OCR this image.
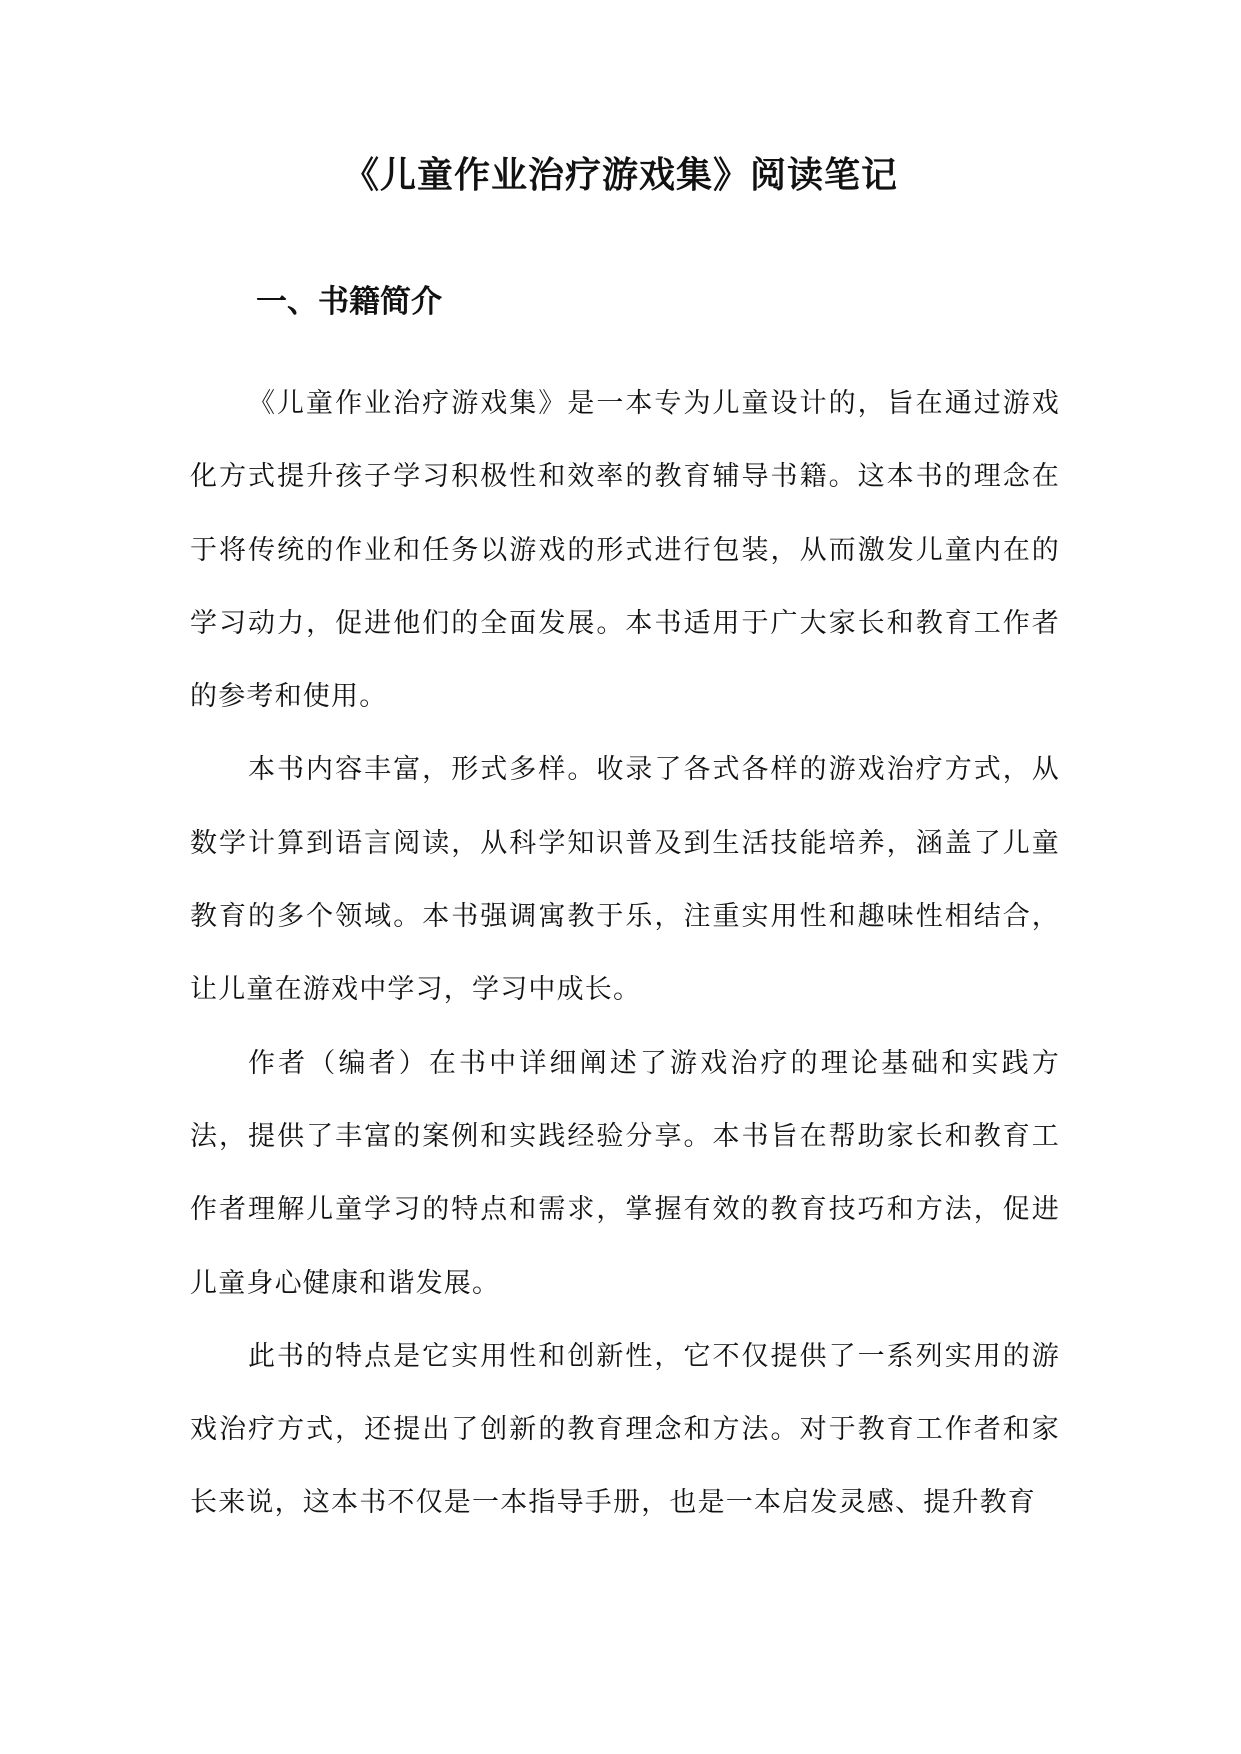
《儿童作业治疗游戏集》阅读笔记
一、书籍简介

《儿童作业治疗游戏集》是一本专为儿童设计的，旨在通过游戏化方式提升孩子学习积极性和效率的教育辅导书籍。这本书的理念在于将传统的作业和任务以游戏的形式进行包装，从而激发儿童内在的学习动力，促进他们的全面发展。本书适用于广大家长和教育工作者的参考和使用。

本书内容丰富，形式多样。收录了各式各样的游戏治疗方式，从数学计算到语言阅读，从科学知识普及到生活技能培养，涵盖了儿童教育的多个领域。本书强调寓教于乐，注重实用性和趣味性相结合，让儿童在游戏中学习，学习中成长。

作者（编者）在书中详细阐述了游戏治疗的理论基础和实践方法，提供了丰富的案例和实践经验分享。本书旨在帮助家长和教育工作者理解儿童学习的特点和需求，掌握有效的教育技巧和方法，促进儿童身心健康和谐发展。

此书的特点是它实用性和创新性，它不仅提供了一系列实用的游戏治疗方式，还提出了创新的教育理念和方法。对于教育工作者和家长来说，这本书不仅是一本指导手册，也是一本启发灵感、提升教育
